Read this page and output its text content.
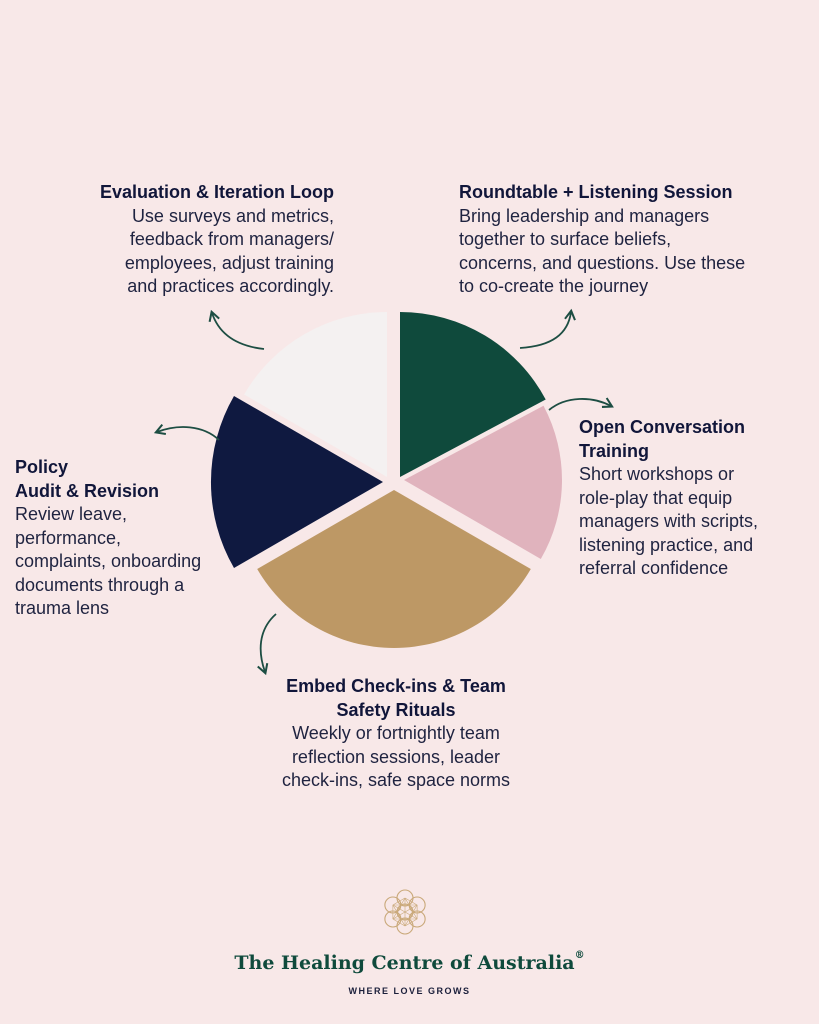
Roundtable + Listening Session
Bring leadership and managers
together to surface beliefs,
concerns, and questions. Use these
to co-create the journey
Open Conversation
Training
Short workshops or
role-play that equip
managers with scripts,
listening practice, and
referral confidence
Embed Check-ins & Team
Safety Rituals
Weekly or fortnightly team
reflection sessions, leader
check-ins, safe space norms
Policy
Audit & Revision
Review leave,
performance,
complaints, onboarding
documents through a
trauma lens
Evaluation & Iteration Loop
Use surveys and metrics,
feedback from managers/
employees, adjust training
and practices accordingly.
The Healing Centre of Australia®
WHERE LOVE GROWS
